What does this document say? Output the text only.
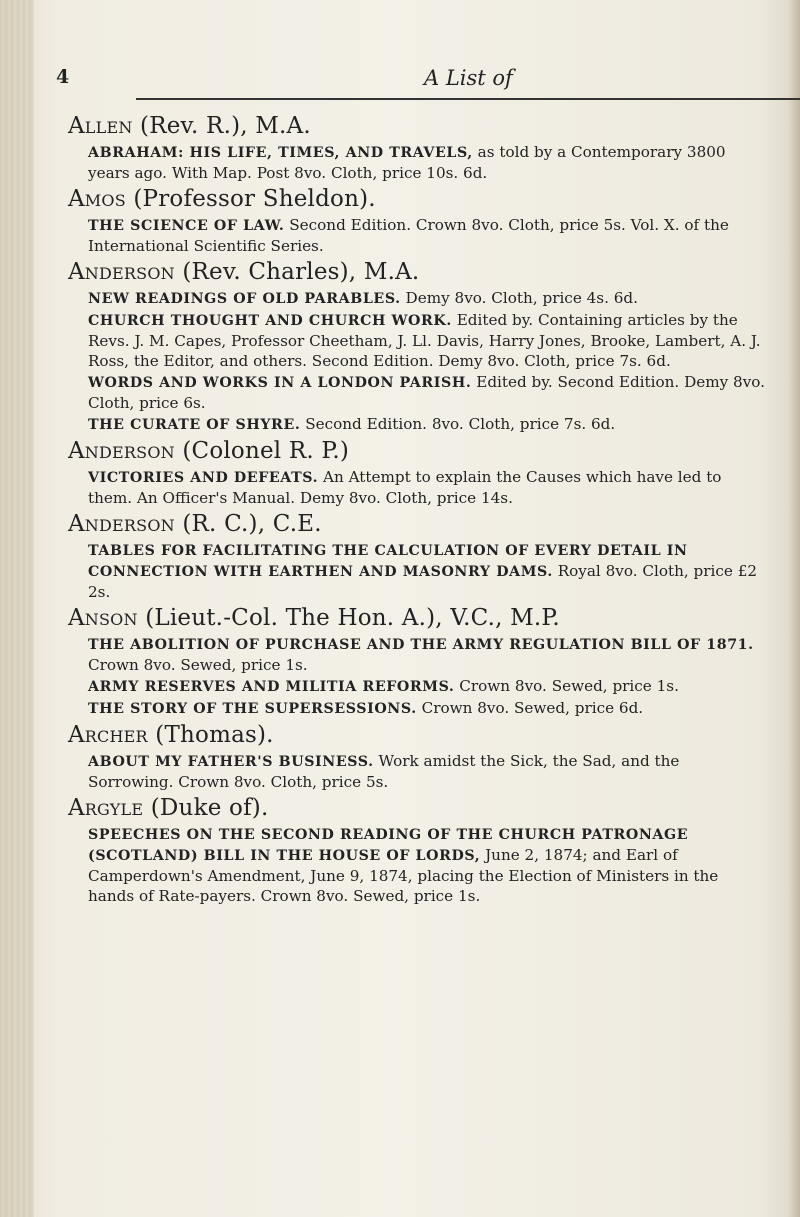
4	A List of
Allen (Rev. R.), M.A.

ABRAHAM: HIS LIFE, TIMES, AND TRAVELS, as told by a Contemporary 3800 years ago. With Map. Post 8vo. Cloth, price 10s. 6d.

Amos (Professor Sheldon).

THE SCIENCE OF LAW. Second Edition. Crown 8vo. Cloth, price 5s. Vol. X. of the International Scientific Series.

Anderson (Rev. Charles), M.A.

NEW READINGS OF OLD PARABLES. Demy 8vo. Cloth, price 4s. 6d.

CHURCH THOUGHT AND CHURCH WORK. Edited by. Containing articles by the Revs. J. M. Capes, Professor Cheetham, J. Ll. Davis, Harry Jones, Brooke, Lambert, A. J. Ross, the Editor, and others. Second Edition. Demy 8vo. Cloth, price 7s. 6d.

WORDS AND WORKS IN A LONDON PARISH. Edited by. Second Edition. Demy 8vo. Cloth, price 6s.

THE CURATE OF SHYRE. Second Edition. 8vo. Cloth, price 7s. 6d.

Anderson (Colonel R. P.)

VICTORIES AND DEFEATS. An Attempt to explain the Causes which have led to them. An Officer's Manual. Demy 8vo. Cloth, price 14s.

Anderson (R. C.), C.E.

TABLES FOR FACILITATING THE CALCULATION OF EVERY DETAIL IN CONNECTION WITH EARTHEN AND MASONRY DAMS. Royal 8vo. Cloth, price £2 2s.

Anson (Lieut.-Col. The Hon. A.), V.C., M.P.

THE ABOLITION OF PURCHASE AND THE ARMY REGULATION BILL OF 1871. Crown 8vo. Sewed, price 1s.

ARMY RESERVES AND MILITIA REFORMS. Crown 8vo. Sewed, price 1s.

THE STORY OF THE SUPERSESSIONS. Crown 8vo. Sewed, price 6d.

Archer (Thomas).

ABOUT MY FATHER'S BUSINESS. Work amidst the Sick, the Sad, and the Sorrowing. Crown 8vo. Cloth, price 5s.

Argyle (Duke of).

SPEECHES ON THE SECOND READING OF THE CHURCH PATRONAGE (SCOTLAND) BILL IN THE HOUSE OF LORDS, June 2, 1874; and Earl of Camperdown's Amendment, June 9, 1874, placing the Election of Ministers in the hands of Rate-payers. Crown 8vo. Sewed, price 1s.
